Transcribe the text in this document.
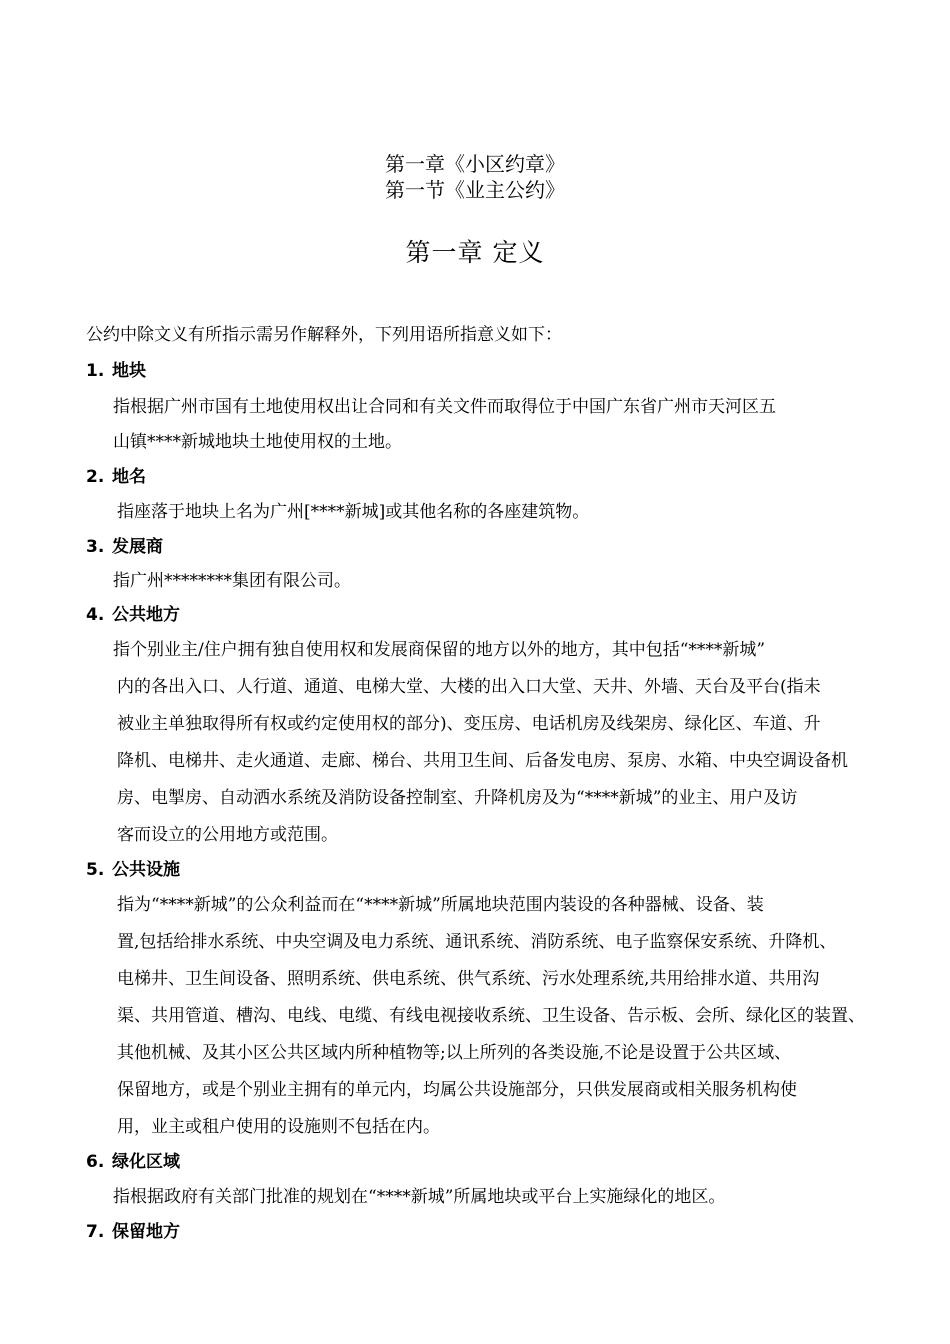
第一章《小区约章》
第一节《业主公约》
第一章 定义
公约中除文义有所指示需另作解释外，下列用语所指意义如下：
1. 地块
指根据广州市国有土地使用权出让合同和有关文件而取得位于中国广东省广州市天河区五
山镇****新城地块土地使用权的土地。
2. 地名
指座落于地块上名为广州[****新城]或其他名称的各座建筑物。
3. 发展商
指广州********集团有限公司。
4. 公共地方
指个别业主/住户拥有独自使用权和发展商保留的地方以外的地方，其中包括“****新城”
内的各出入口、人行道、通道、电梯大堂、大楼的出入口大堂、天井、外墙、天台及平台(指未
被业主单独取得所有权或约定使用权的部分)、变压房、电话机房及线架房、绿化区、车道、升
降机、电梯井、走火通道、走廊、梯台、共用卫生间、后备发电房、泵房、水箱、中央空调设备机
房、电掣房、自动洒水系统及消防设备控制室、升降机房及为“****新城”的业主、用户及访
客而设立的公用地方或范围。
5. 公共设施
指为“****新城”的公众利益而在“****新城”所属地块范围内装设的各种器械、设备、装
置,包括给排水系统、中央空调及电力系统、通讯系统、消防系统、电子监察保安系统、升降机、
电梯井、卫生间设备、照明系统、供电系统、供气系统、污水处理系统,共用给排水道、共用沟
渠、共用管道、槽沟、电线、电缆、有线电视接收系统、卫生设备、告示板、会所、绿化区的装置、
其他机械、及其小区公共区域内所种植物等;以上所列的各类设施,不论是设置于公共区域、
保留地方，或是个别业主拥有的单元内，均属公共设施部分，只供发展商或相关服务机构使
用，业主或租户使用的设施则不包括在内。
6. 绿化区域
指根据政府有关部门批准的规划在“****新城”所属地块或平台上实施绿化的地区。
7. 保留地方
